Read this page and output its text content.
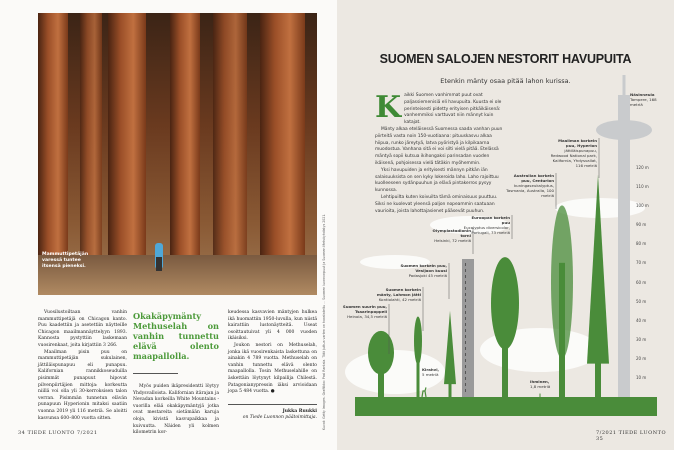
Mammuttipetäjän varessä tuntee itsensä pieneksi.

Vuosilustoiltaan vanhin mammuttipetäjä on Chicagon kanto. Puu kaadettiin ja asetettiin näytteille Chicagon maailmannäyttelyyn 1893. Kannosta pystyttiin laskemaan vuosirenkaat, joita kirjattiin 3 266.

Maailman pisin puu on mammuttipetäjän sukulainen, jättiläispunapuu eli punapuu. Kalifornian rannikkoseuduilla pisimmät punapuut hipovat pilvenpiirtäjien mittoja: korkeutta niillä voi olla yli 30-kerroksisen talon verran. Pisimmän tunnetun elävän punapuun Hyperionin mitaksi saatiin vuonna 2019 yli 116 metriä. Se aloitti kasvunsa 600–800 vuotta sitten.

Okakäpymänty Methuselah on vanhin tunnettu elävä olento maapallolla.

Myös puiden ikäpresidentti löytyy Yhdysvalloista. Kalifornian itärajan ja Nevadan korkeilla White Mountains -vuorilla elää okakäpymäntyjä jotka ovat mestareita sietämään karuja oloja, kivistä kasvupaikkaa ja kuivuutta. Näiden yli kolmen kilometrin kor-

keudessa kasvavien mäntyjen hulkea ikä huomattiin 1950-luvulla, kun niistä kairattiin lustonäytteitä. Useat osoittautuivat yli 4 000 vuoden ikäisiksi.

Joukon nestori on Methuselah, jonka ikä vuosirenkaista laskettuna on ainakin 4 789 vuotta. Methuselah on vanhin tunnettu elävä olento maapallolla. Tosin Methuselahille on äskettäin löytynyt kilpailija Chilestä. Patagonianypressin iäksi arvioidaan jopa 5 484 vuotta. ●

Jukka Ruukki
on Tiede Luonnon päätoimittaja.
34 TIEDE LUONTO 7/2021
Kuvat: Getty Images. Grafiikka: Pasi Rantala. Tätä juttua varten on haastateltu ... Suomen luonnonpuut ja Suomen Metsäyhdistys 2021.
SUOMEN SALOJEN NESTORIT HAVUPUITA
Etenkin mänty osaa pitää lahon kurissa.
7/2021 TIEDE LUONTO 35
K aikki Suomen vanhimmat puut ovat paljassiemenisiä eli havupuita. Kuusta ei ole perinteisesti pidetty erityisen pitkäikäisenä: vanhemmiksi varttuvat niin männyt kuin katajat.

Mänty alkaa eteläisessä Suomessa saada vanhan puun piirteitä vasta noin 150-vuotiaana: pituuskasvu alkaa hiipua, runko järeytyä, latva pyöristyä ja kilpikaarna muodostua. Vanhana sitä ei voi silti vielä pitää. Etelässä mäntyä sopii kutsua ikihongaksi parinsadan vuoden ikäisenä, pohjoisessa vielä tätäkin myöhemmin.

Yksi havupuiden ja erityisesti männyn pitkän iän salaisuuksista on sen kyky lokeroida laho. Laho rajoittuu kuolleeseen sydänpuuhun ja elävä pintakerros pysyy kunnossa.

Lehtipuilta kuten koivuilta tämä ominaisuus puuttuu. Siksi ne kuolevat yleensä paljon nopeammin saatuaan vaurioita, joista lahottajasienet pääsevät puuhun.

10 m
20 m
30 m
40 m
50 m
60 m
70 m
80 m
90 m
100 m
110 m
120 m
Suomen suurin puu, Tsaarinpoppeli
Heinola, 34,5 metriä
Suomen korkein mänty, Lahmon jätti
Kontiolahti, 42 metriä
Suomen korkein puu, Vesijaon kuusi
Padasjoki 45 metriä
Olympiastadionin torni
Helsinki, 72 metriä
Euroopan korkein puu
Eucalyptus diversicolor, Portugali, 73 metriä
Australian korkein puu, Centurion
kuningaseukalyptus, Tasmania, Australia, 100 metriä
Maailman korkein puu, Hyperion
jättiläispunapuu, Redwood National park, Kalifornia, Yhdysvallat, 116 metriä
Näsinneula
Tampere, 168 metriä
Kirahvi,
5 metriä
Ihminen,
1,8 metriä
